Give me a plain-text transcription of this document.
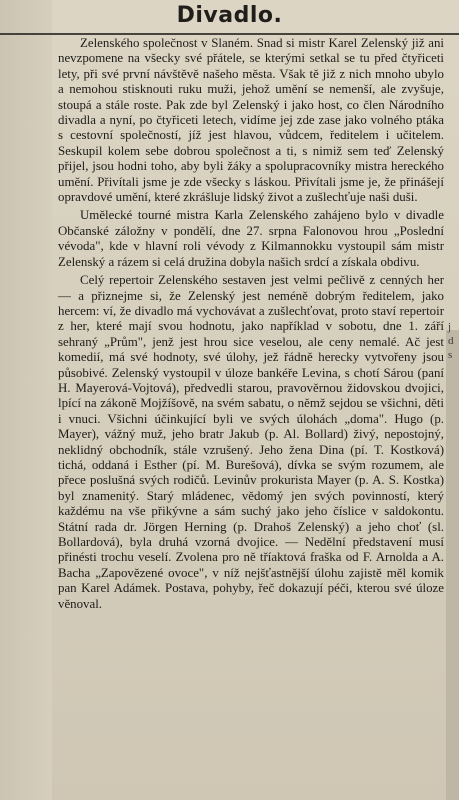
Divadlo.

Zelenského společnost v Slaném. Snad si mistr Karel Zelenský již ani nevzpomene na všecky své přátele, se kterými setkal se tu před čtyřiceti lety, při své první návštěvě našeho města. Však tě již z nich mnoho ubylo a nemohou stisknouti ruku muži, jehož umění se nemenší, ale zvyšuje, stoupá a stále roste. Pak zde byl Zelenský i jako host, co člen Národního divadla a nyní, po čtyřiceti letech, vidíme jej zde zase jako volného ptáka s cestovní společností, jíž jest hlavou, vůdcem, ředitelem i učitelem. Seskupil kolem sebe dobrou společnost a ti, s nimiž sem teď Zelenský přijel, jsou hodni toho, aby byli žáky a spolupracovníky mistra hereckého umění. Přivítali jsme je zde všecky s láskou. Přivítali jsme je, že přinášejí opravdové umění, které zkrášluje lidský život a zušlechťuje naši duši.

Umělecké tourné mistra Karla Zelenského zahájeno bylo v divadle Občanské záložny v pondělí, dne 27. srpna Falonovou hrou „Poslední vévoda", kde v hlavní roli vévody z Kilmannokku vystoupil sám mistr Zelenský a rázem si celá družina dobyla našich srdcí a získala obdivu.

Celý repertoir Zelenského sestaven jest velmi pečlivě z cenných her — a přiznejme si, že Zelenský jest neméně dobrým ředitelem, jako hercem: ví, že divadlo má vychovávat a zušlechťovat, proto staví repertoir z her, které mají svou hodnotu, jako například v sobotu, dne 1. září sehraný „Prům", jenž jest hrou sice veselou, ale ceny nemalé. Ač jest komedií, má své hodnoty, své úlohy, jež řádně herecky vytvořeny jsou působivé. Zelenský vystoupil v úloze bankéře Levina, s chotí Sárou (paní H. Mayerová-Vojtová), předvedli starou, pravověrnou židovskou dvojici, lpící na zákoně Mojžíšově, na svém sabatu, o němž sejdou se všichni, děti i vnuci. Všichni účinkující byli ve svých úlohách „doma". Hugo (p. Mayer), vážný muž, jeho bratr Jakub (p. Al. Bollard) živý, nepostojný, neklidný obchodník, stále vzrušený. Jeho žena Dina (pí. T. Kostková) tichá, oddaná i Esther (pí. M. Burešová), dívka se svým rozumem, ale přece poslušná svých rodičů. Levinův prokurista Mayer (p. A. S. Kostka) byl znamenitý. Starý mládenec, vědomý jen svých povinností, který každému na vše přikývne a sám suchý jako jeho číslice v saldokontu. Státní rada dr. Jörgen Herning (p. Drahoš Zelenský) a jeho choť (sl. Bollardová), byla druhá vzorná dvojice. — Nedělní představení musí přinésti trochu veselí. Zvolena pro ně tříaktová fraška od F. Arnolda a A. Bacha „Zapovězené ovoce", v níž nejšťastnější úlohu zajistě měl komik pan Karel Adámek. Postava, pohyby, řeč dokazují péči, kterou své úloze věnoval.

j d s
